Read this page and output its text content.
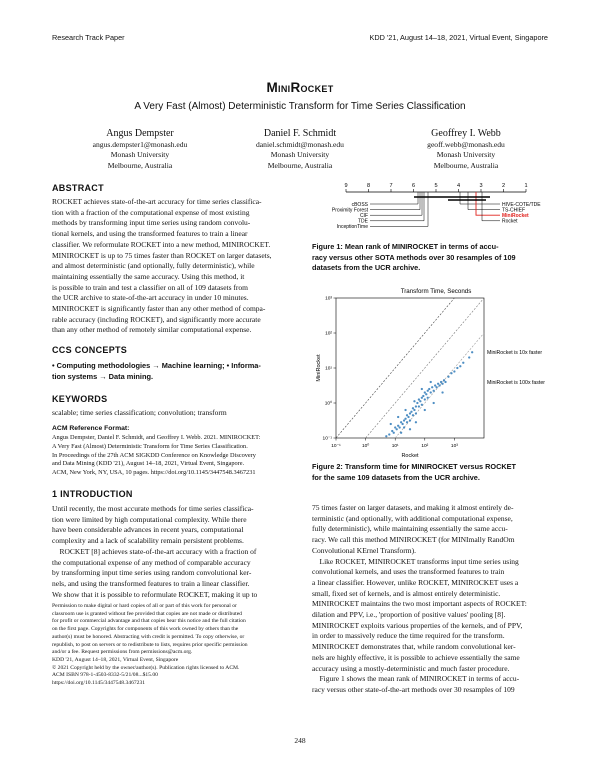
Research Track Paper	KDD '21, August 14–18, 2021, Virtual Event, Singapore
MiniRocket
A Very Fast (Almost) Deterministic Transform for Time Series Classification
Angus Dempster
angus.dempster1@monash.edu
Monash University
Melbourne, Australia
Daniel F. Schmidt
daniel.schmidt@monash.edu
Monash University
Melbourne, Australia
Geoffrey I. Webb
geoff.webb@monash.edu
Monash University
Melbourne, Australia
ABSTRACT
ROCKET achieves state-of-the-art accuracy for time series classifica-
tion with a fraction of the computational expense of most existing
methods by transforming input time series using random convolu-
tional kernels, and using the transformed features to train a linear
classifier. We reformulate ROCKET into a new method, MINIROCKET.
MINIROCKET is up to 75 times faster than ROCKET on larger datasets,
and almost deterministic (and optionally, fully deterministic), while
maintaining essentially the same accuracy. Using this method, it
is possible to train and test a classifier on all of 109 datasets from
the UCR archive to state-of-the-art accuracy in under 10 minutes.
MINIROCKET is significantly faster than any other method of compa-
rable accuracy (including ROCKET), and significantly more accurate
than any other method of remotely similar computational expense.
CCS CONCEPTS
• Computing methodologies → Machine learning; • Informa-
tion systems → Data mining.
KEYWORDS
scalable; time series classification; convolution; transform
ACM Reference Format:
Angus Dempster, Daniel F. Schmidt, and Geoffrey I. Webb. 2021. MINIROCKET:
A Very Fast (Almost) Deterministic Transform for Time Series Classification.
In Proceedings of the 27th ACM SIGKDD Conference on Knowledge Discovery
and Data Mining (KDD '21), August 14–18, 2021, Virtual Event, Singapore.
ACM, New York, NY, USA, 10 pages. https://doi.org/10.1145/3447548.3467231
1 INTRODUCTION
Until recently, the most accurate methods for time series classifica-
tion were limited by high computational complexity. While there
have been considerable advances in recent years, computational
complexity and a lack of scalability remain persistent problems.
ROCKET [8] achieves state-of-the-art accuracy with a fraction of
the computational expense of any method of comparable accuracy
by transforming input time series using random convolutional ker-
nels, and using the transformed features to train a linear classifier.
We show that it is possible to reformulate ROCKET, making it up to
Permission to make digital or hard copies of all or part of this work for personal or
classroom use is granted without fee provided that copies are not made or distributed
for profit or commercial advantage and that copies bear this notice and the full citation
on the first page. Copyrights for components of this work owned by others than the
author(s) must be honored. Abstracting with credit is permitted. To copy otherwise, or
republish, to post on servers or to redistribute to lists, requires prior specific permission
and/or a fee. Request permissions from permissions@acm.org.
KDD '21, August 14–18, 2021, Virtual Event, Singapore
© 2021 Copyright held by the owner/author(s). Publication rights licensed to ACM.
ACM ISBN 978-1-4503-8332-5/21/08...$15.00
https://doi.org/10.1145/3447548.3467231
9	8	7	6	5	4	3	2	1
cBOSS
Proximity Forest
CIF
TDE
InceptionTime
HIVE-COTE/TDE
TS-CHIEF
MiniRocket
Rocket
Figure 1: Mean rank of MINIROCKET in terms of accu-
racy versus other SOTA methods over 30 resamples of 109
datasets from the UCR archive.
Transform Time, Seconds
10⁻¹	10⁰	10¹	10²	10³
10⁻¹
10⁰
10¹
10²
10³
MiniRocket is 10x faster
MiniRocket is 100x faster
Rocket
MiniRocket
Figure 2: Transform time for MINIROCKET versus ROCKET
for the same 109 datasets from the UCR archive.
75 times faster on larger datasets, and making it almost entirely de-
terministic (and optionally, with additional computational expense,
fully deterministic), while maintaining essentially the same accu-
racy. We call this method MINIROCKET (for MINImally RandOm
Convolutional KErnel Transform).
Like ROCKET, MINIROCKET transforms input time series using
convolutional kernels, and uses the transformed features to train
a linear classifier. However, unlike ROCKET, MINIROCKET uses a
small, fixed set of kernels, and is almost entirely deterministic.
MINIROCKET maintains the two most important aspects of ROCKET:
dilation and PPV, i.e., 'proportion of positive values' pooling [8].
MINIROCKET exploits various properties of the kernels, and of PPV,
in order to massively reduce the time required for the transform.
MINIROCKET demonstrates that, while random convolutional ker-
nels are highly effective, it is possible to achieve essentially the same
accuracy using a mostly-deterministic and much faster procedure.
Figure 1 shows the mean rank of MINIROCKET in terms of accu-
racy versus other state-of-the-art methods over 30 resamples of 109
248
